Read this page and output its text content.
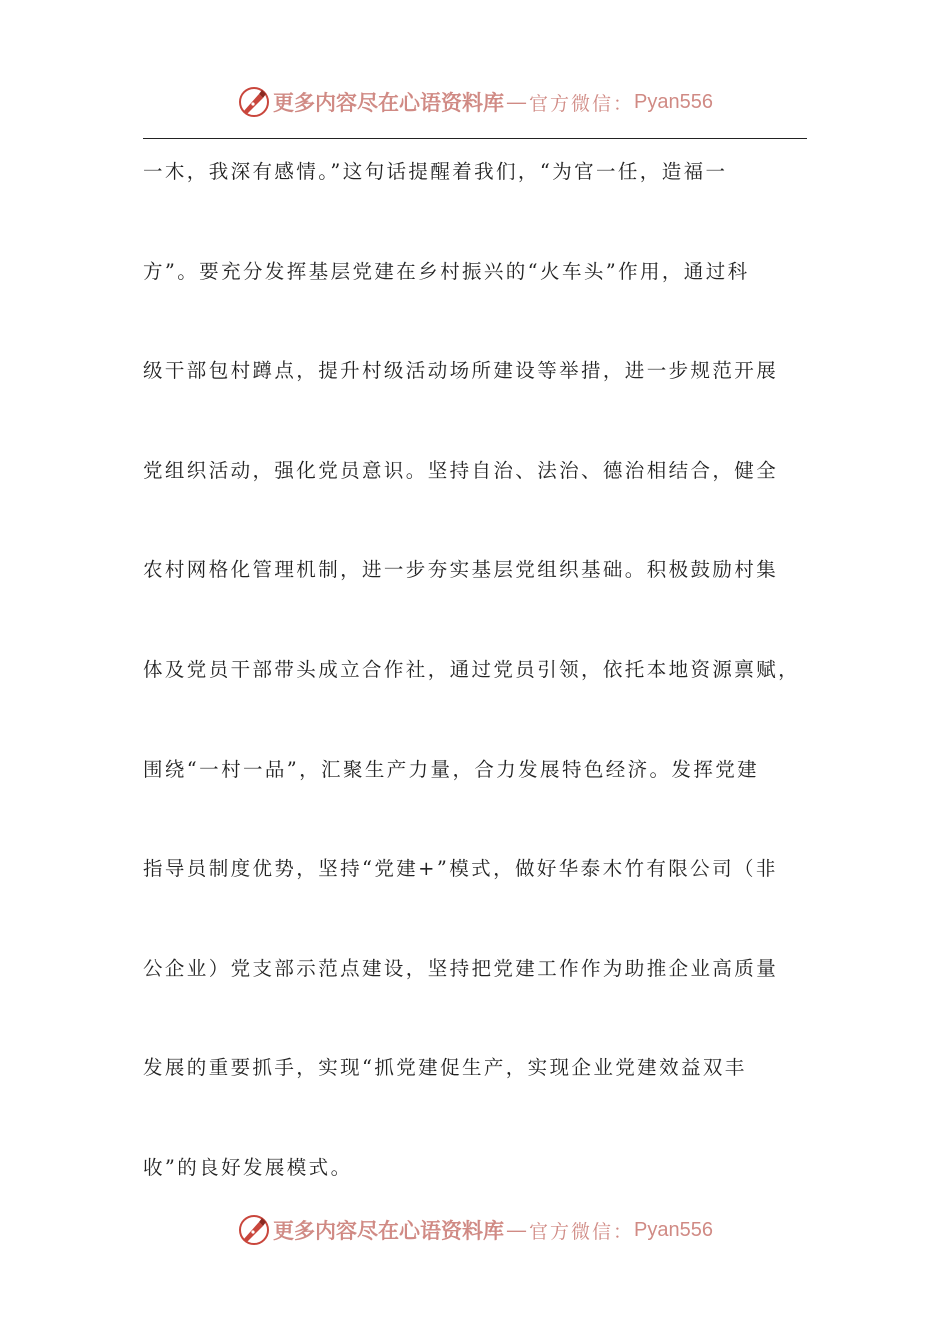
更多内容尽在心语资料库 — 官方微信： Pyan556
一木，我深有感情。”这句话提醒着我们，“为官一任，造福一
方”。要充分发挥基层党建在乡村振兴的“火车头”作用，通过科
级干部包村蹲点，提升村级活动场所建设等举措，进一步规范开展
党组织活动，强化党员意识。坚持自治、法治、德治相结合，健全
农村网格化管理机制，进一步夯实基层党组织基础。积极鼓励村集
体及党员干部带头成立合作社，通过党员引领，依托本地资源禀赋，
围绕“一村一品”，汇聚生产力量，合力发展特色经济。发挥党建
指导员制度优势，坚持“党建+”模式，做好华泰木竹有限公司（非
公企业）党支部示范点建设，坚持把党建工作作为助推企业高质量
发展的重要抓手，实现“抓党建促生产，实现企业党建效益双丰
收”的良好发展模式。
更多内容尽在心语资料库 — 官方微信： Pyan556
